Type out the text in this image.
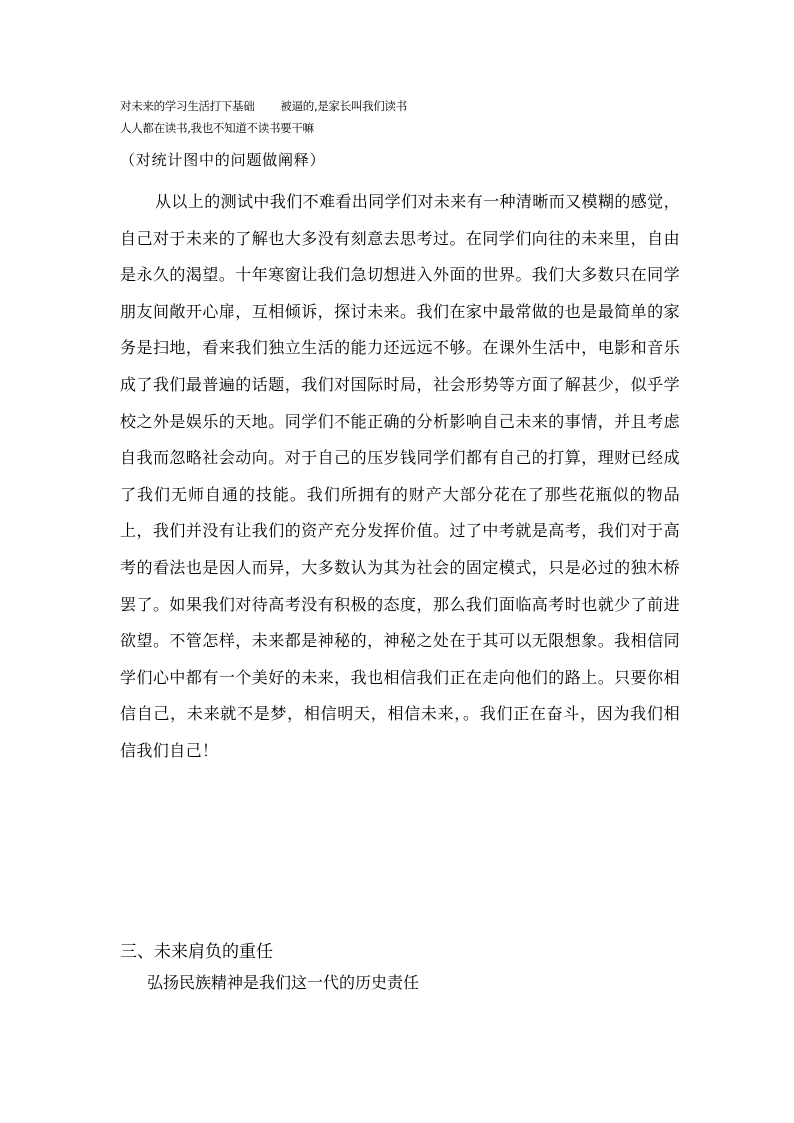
对未来的学习生活打下基础 被逼的,是家长叫我们读书
人人都在读书,我也不知道不读书要干嘛
（对统计图中的问题做阐释）

从以上的测试中我们不难看出同学们对未来有一种清晰而又模糊的感觉，自己对于未来的了解也大多没有刻意去思考过。在同学们向往的未来里，自由是永久的渴望。十年寒窗让我们急切想进入外面的世界。我们大多数只在同学朋友间敞开心扉，互相倾诉，探讨未来。我们在家中最常做的也是最简单的家务是扫地，看来我们独立生活的能力还远远不够。在课外生活中，电影和音乐成了我们最普遍的话题，我们对国际时局，社会形势等方面了解甚少，似乎学校之外是娱乐的天地。同学们不能正确的分析影响自己未来的事情，并且考虑自我而忽略社会动向。对于自己的压岁钱同学们都有自己的打算，理财已经成了我们无师自通的技能。我们所拥有的财产大部分花在了那些花瓶似的物品上，我们并没有让我们的资产充分发挥价值。过了中考就是高考，我们对于高考的看法也是因人而异，大多数认为其为社会的固定模式，只是必过的独木桥罢了。如果我们对待高考没有积极的态度，那么我们面临高考时也就少了前进欲望。不管怎样，未来都是神秘的，神秘之处在于其可以无限想象。我相信同学们心中都有一个美好的未来，我也相信我们正在走向他们的路上。只要你相信自己，未来就不是梦，相信明天，相信未来，。我们正在奋斗，因为我们相信我们自己！

三、未来肩负的重任
弘扬民族精神是我们这一代的历史责任
